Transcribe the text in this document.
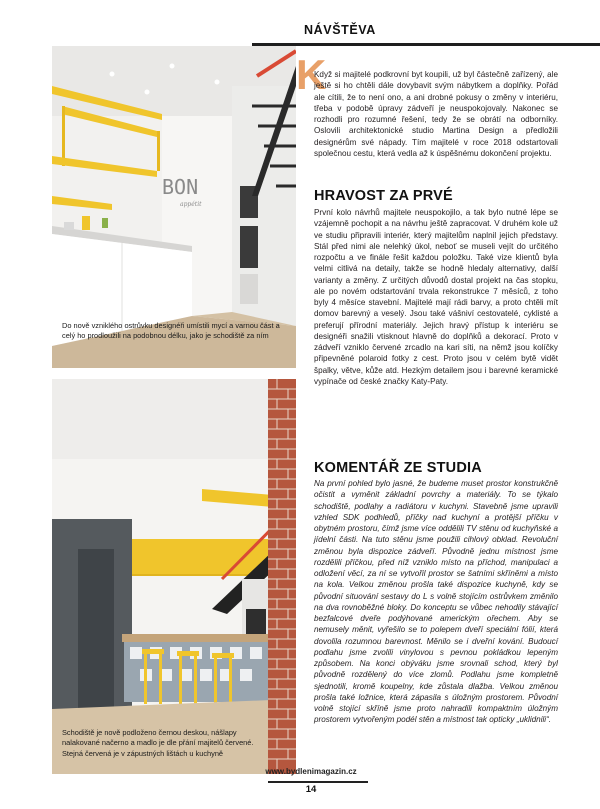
NÁVŠTĚVA
BON
appétit

Do nově vzniklého ostrůvku designéři umístili mycí a varnou část a celý ho prodloužili na podobnou délku, jako je schodiště za ním

Schodiště je nově podloženo černou deskou, nášlapy nalakované načerno a madlo je dle přání majitelů červené. Stejná červená je v zápustných lištách u kuchyně

K

Když si majitelé podkrovní byt koupili, už byl částečně zařízený, ale ještě si ho chtěli dále dovybavit svým nábytkem a doplňky. Pořád ale cítili, že to není ono, a ani drobné pokusy o změny v interiéru, třeba v podobě úpravy zádveří je neuspokojovaly. Nakonec se rozhodli pro rozumné řešení, tedy že se obrátí na odborníky. Oslovili architektonické studio Martina Design a předložili designérům své nápady. Tím majitelé v roce 2018 odstartovali společnou cestu, která vedla až k úspěšnému dokončení projektu.

HRAVOST ZA PRVÉ

První kolo návrhů majitele neuspokojilo, a tak bylo nutné lépe se vzájemně pochopit a na návrhu ještě zapracovat. V druhém kole už ve studiu připravili interiér, který majitelům naplnil jejich představy. Stál před nimi ale nelehký úkol, neboť se museli vejít do určitého rozpočtu a ve finále řešit každou položku. Také vize klientů byla velmi citlivá na detaily, takže se hodně hledaly alternativy, další varianty a změny. Z určitých důvodů dostal projekt na čas stopku, ale po novém odstartování trvala rekonstrukce 7 měsíců, z toho byly 4 měsíce stavební. Majitelé mají rádi barvy, a proto chtěli mít domov barevný a veselý. Jsou také vášniví cestovatelé, cyklisté a preferují přírodní materiály. Jejich hravý přístup k interiéru se designéři snažili vtisknout hlavně do doplňků a dekorací. Proto v zádveří vzniklo červené zrcadlo na kari síti, na němž jsou kolíčky připevněné polaroid fotky z cest. Proto jsou v celém bytě vidět špalky, větve, kůže atd. Hezkým detailem jsou i barevné keramické vypínače od české značky Katy-Paty.

KOMENTÁŘ ZE STUDIA

Na první pohled bylo jasné, že budeme muset prostor konstrukčně očistit a vyměnit základní povrchy a materiály. To se týkalo schodiště, podlahy a radiátoru v kuchyni. Stavebně jsme upravili vzhled SDK podhledů, příčky nad kuchyní a protější příčku v obytném prostoru, čímž jsme více oddělili TV stěnu od kuchyňské a jídelní části. Na tuto stěnu jsme použili cihlový obklad. Revoluční změnou byla dispozice zádveří. Původně jednu místnost jsme rozdělili příčkou, před níž vzniklo místo na příchod, manipulaci a odložení věcí, za ní se vytvořil prostor se šatními skříněmi a místo na kola. Velkou změnou prošla také dispozice kuchyně, kdy se původní situování sestavy do L s volně stojícím ostrůvkem změnilo na dva rovnoběžné bloky. Do konceptu se vůbec nehodily stávající bezfalcové dveře podýhované americkým ořechem. Aby se nemusely měnit, vyřešilo se to polepem dveří speciální fólií, která dovolila rozumnou barevnost. Měnilo se i dveřní kování. Budoucí podlahu jsme zvolili vinylovou s pevnou pokládkou lepeným způsobem. Na konci obýváku jsme srovnali schod, který byl původně rozdělený do více zlomů. Podlahu jsme kompletně sjednotili, kromě koupelny, kde zůstala dlažba. Velkou změnou prošla také ložnice, která zápasila s úložným prostorem. Původní volně stojící skříně jsme proto nahradili kompaktním úložným prostorem vytvořeným podél stěn a místnost tak opticky „uklidnili“.

www.bydlenimagazin.cz
14
